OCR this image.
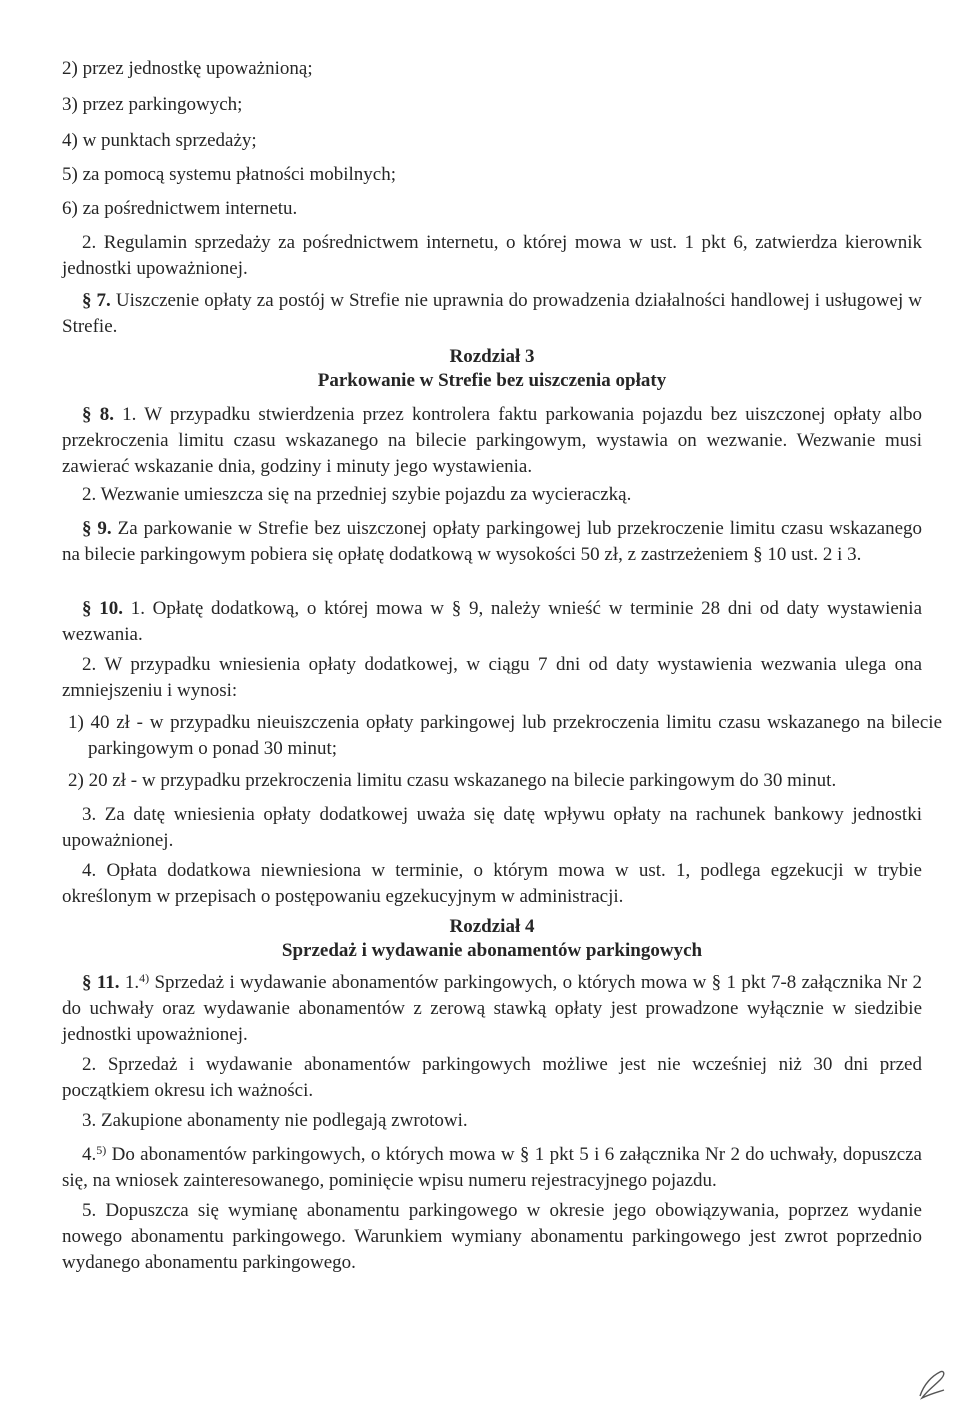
2) przez jednostkę upoważnioną;

3) przez parkingowych;

4) w punktach sprzedaży;

5) za pomocą systemu płatności mobilnych;

6) za pośrednictwem internetu.

2. Regulamin sprzedaży za pośrednictwem internetu, o której mowa w ust. 1 pkt 6, zatwierdza kierownik jednostki upoważnionej.

§ 7. Uiszczenie opłaty za postój w Strefie nie uprawnia do prowadzenia działalności handlowej i usługowej w Strefie.

Rozdział 3

Parkowanie w Strefie bez uiszczenia opłaty

§ 8. 1. W przypadku stwierdzenia przez kontrolera faktu parkowania pojazdu bez uiszczonej opłaty albo przekroczenia limitu czasu wskazanego na bilecie parkingowym, wystawia on wezwanie. Wezwanie musi zawierać wskazanie dnia, godziny i minuty jego wystawienia.

2. Wezwanie umieszcza się na przedniej szybie pojazdu za wycieraczką.

§ 9. Za parkowanie w Strefie bez uiszczonej opłaty parkingowej lub przekroczenie limitu czasu wskazanego na bilecie parkingowym pobiera się opłatę dodatkową w wysokości 50 zł, z zastrzeżeniem § 10 ust. 2 i 3.

§ 10. 1. Opłatę dodatkową, o której mowa w § 9, należy wnieść w terminie 28 dni od daty wystawienia wezwania.

2. W przypadku wniesienia opłaty dodatkowej, w ciągu 7 dni od daty wystawienia wezwania ulega ona zmniejszeniu i wynosi:

1) 40 zł - w przypadku nieuiszczenia opłaty parkingowej lub przekroczenia limitu czasu wskazanego na bilecie parkingowym o ponad 30 minut;

2) 20 zł - w przypadku przekroczenia limitu czasu wskazanego na bilecie parkingowym do 30 minut.

3. Za datę wniesienia opłaty dodatkowej uważa się datę wpływu opłaty na rachunek bankowy jednostki upoważnionej.

4. Opłata dodatkowa niewniesiona w terminie, o którym mowa w ust. 1, podlega egzekucji w trybie określonym w przepisach o postępowaniu egzekucyjnym w administracji.

Rozdział 4

Sprzedaż i wydawanie abonamentów parkingowych

§ 11. 1.$^{4)}$ Sprzedaż i wydawanie abonamentów parkingowych, o których mowa w § 1 pkt 7-8 załącznika Nr 2 do uchwały oraz wydawanie abonamentów z zerową stawką opłaty jest prowadzone wyłącznie w siedzibie jednostki upoważnionej.

2. Sprzedaż i wydawanie abonamentów parkingowych możliwe jest nie wcześniej niż 30 dni przed początkiem okresu ich ważności.

3. Zakupione abonamenty nie podlegają zwrotowi.

4.$^{5)}$ Do abonamentów parkingowych, o których mowa w § 1 pkt 5 i 6 załącznika Nr 2 do uchwały, dopuszcza się, na wniosek zainteresowanego, pominięcie wpisu numeru rejestracyjnego pojazdu.

5. Dopuszcza się wymianę abonamentu parkingowego w okresie jego obowiązywania, poprzez wydanie nowego abonamentu parkingowego. Warunkiem wymiany abonamentu parkingowego jest zwrot poprzednio wydanego abonamentu parkingowego.
